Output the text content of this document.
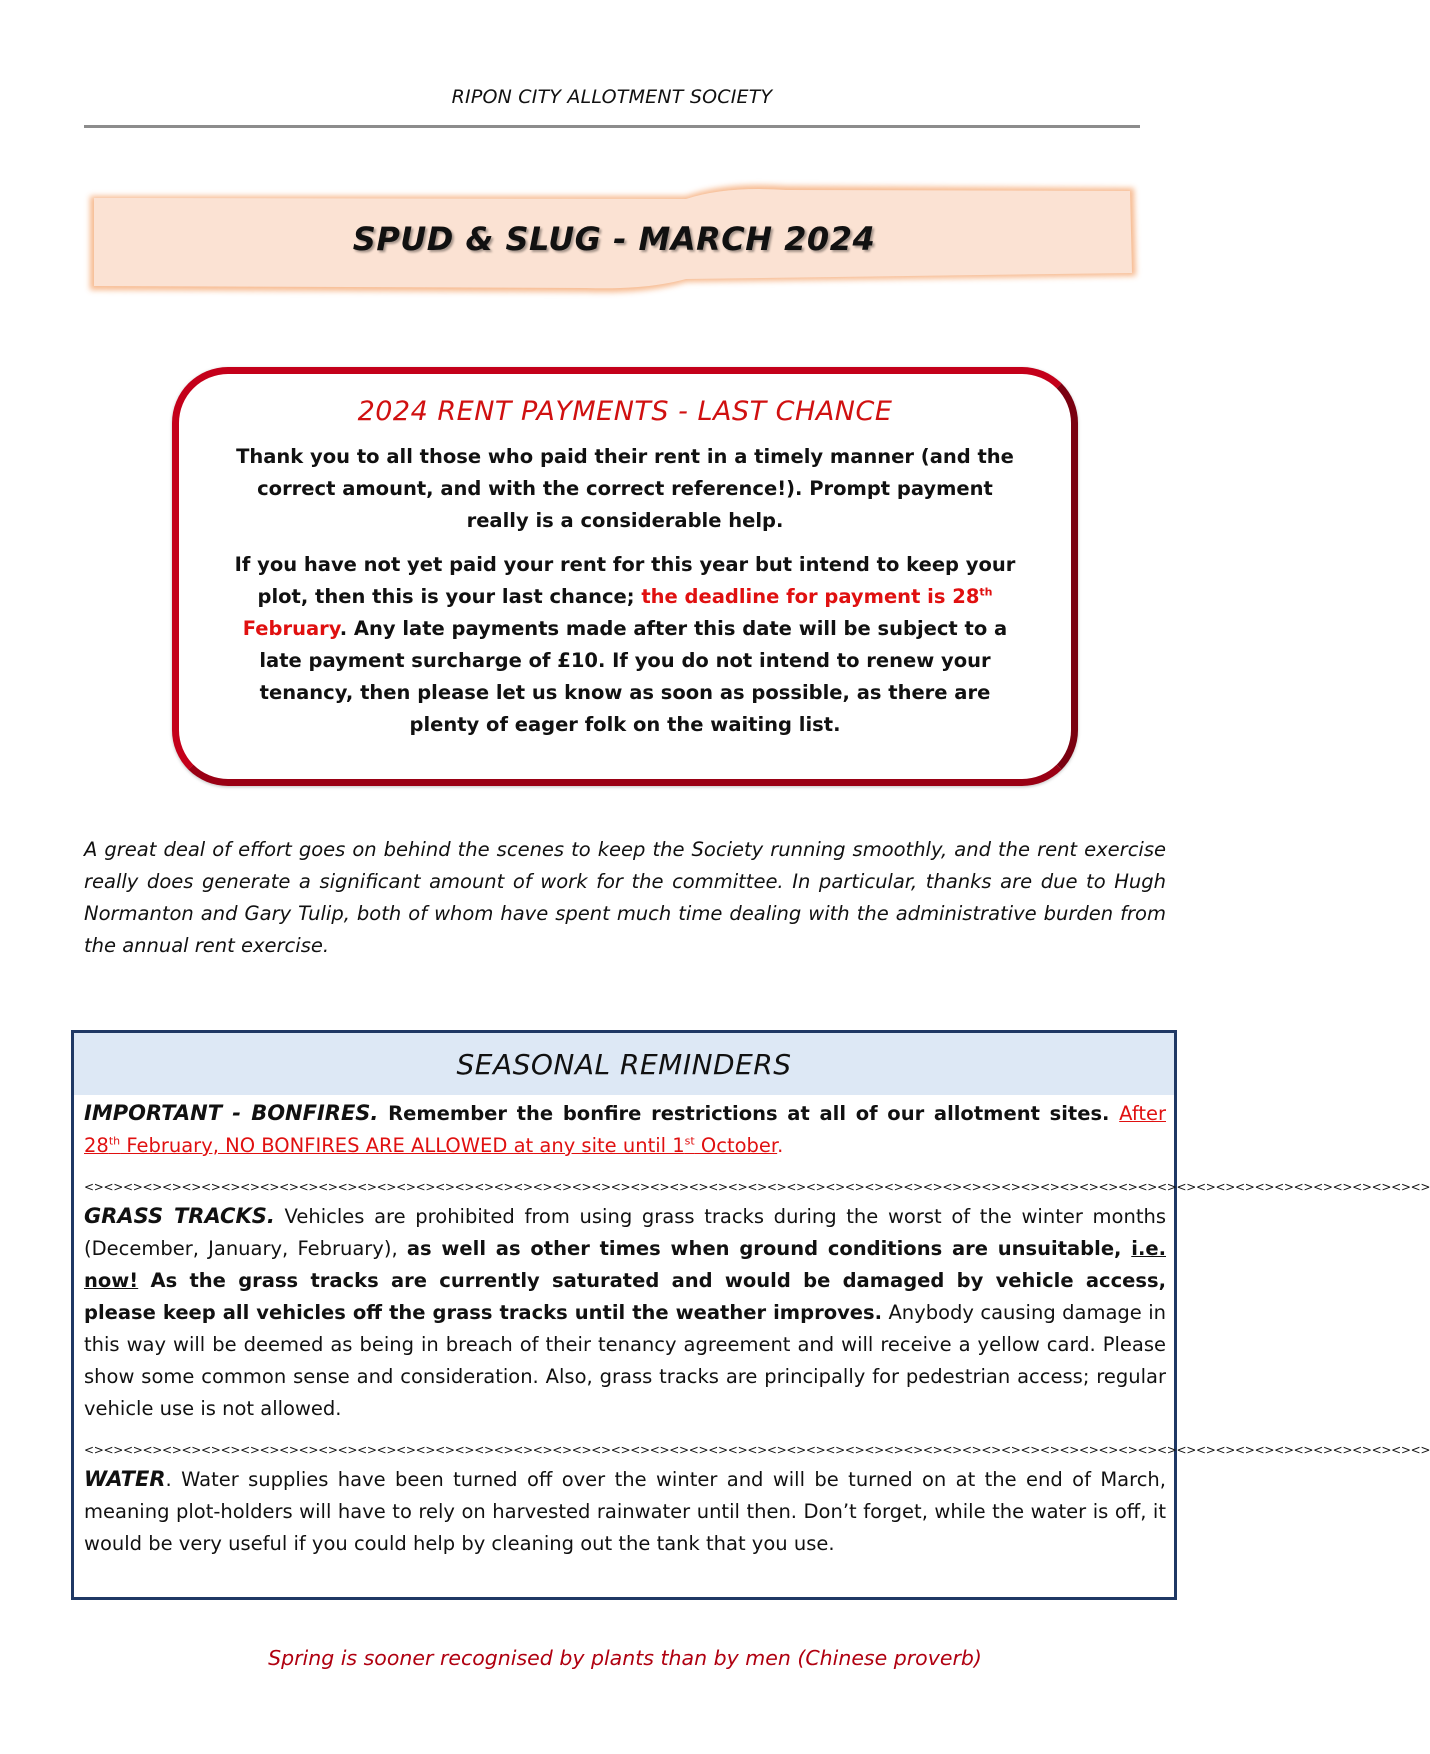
RIPON CITY ALLOTMENT SOCIETY
SPUD & SLUG - MARCH 2024
2024 RENT PAYMENTS - LAST CHANCE

Thank you to all those who paid their rent in a timely manner (and the correct amount, and with the correct reference!). Prompt payment really is a considerable help.

If you have not yet paid your rent for this year but intend to keep your plot, then this is your last chance; the deadline for payment is 28th February. Any late payments made after this date will be subject to a late payment surcharge of £10. If you do not intend to renew your tenancy, then please let us know as soon as possible, as there are plenty of eager folk on the waiting list.

A great deal of effort goes on behind the scenes to keep the Society running smoothly, and the rent exercise really does generate a significant amount of work for the committee. In particular, thanks are due to Hugh Normanton and Gary Tulip, both of whom have spent much time dealing with the administrative burden from the annual rent exercise.
SEASONAL REMINDERS

IMPORTANT - BONFIRES. Remember the bonfire restrictions at all of our allotment sites. After 28th February, NO BONFIRES ARE ALLOWED at any site until 1st October.

<><><><><><><><><><><><><><><><><><><><><><><><><><><><><><><><><><><><><><><><><><><><><><><><><><><><><><><><><><><><><><><><><><><><><>

GRASS TRACKS. Vehicles are prohibited from using grass tracks during the worst of the winter months (December, January, February), as well as other times when ground conditions are unsuitable, i.e. now! As the grass tracks are currently saturated and would be damaged by vehicle access, please keep all vehicles off the grass tracks until the weather improves. Anybody causing damage in this way will be deemed as being in breach of their tenancy agreement and will receive a yellow card. Please show some common sense and consideration. Also, grass tracks are principally for pedestrian access; regular vehicle use is not allowed.

<><><><><><><><><><><><><><><><><><><><><><><><><><><><><><><><><><><><><><><><><><><><><><><><><><><><><><><><><><><><><><><><><><><><><>

WATER. Water supplies have been turned off over the winter and will be turned on at the end of March, meaning plot-holders will have to rely on harvested rainwater until then. Don’t forget, while the water is off, it would be very useful if you could help by cleaning out the tank that you use.

Spring is sooner recognised by plants than by men (Chinese proverb)
